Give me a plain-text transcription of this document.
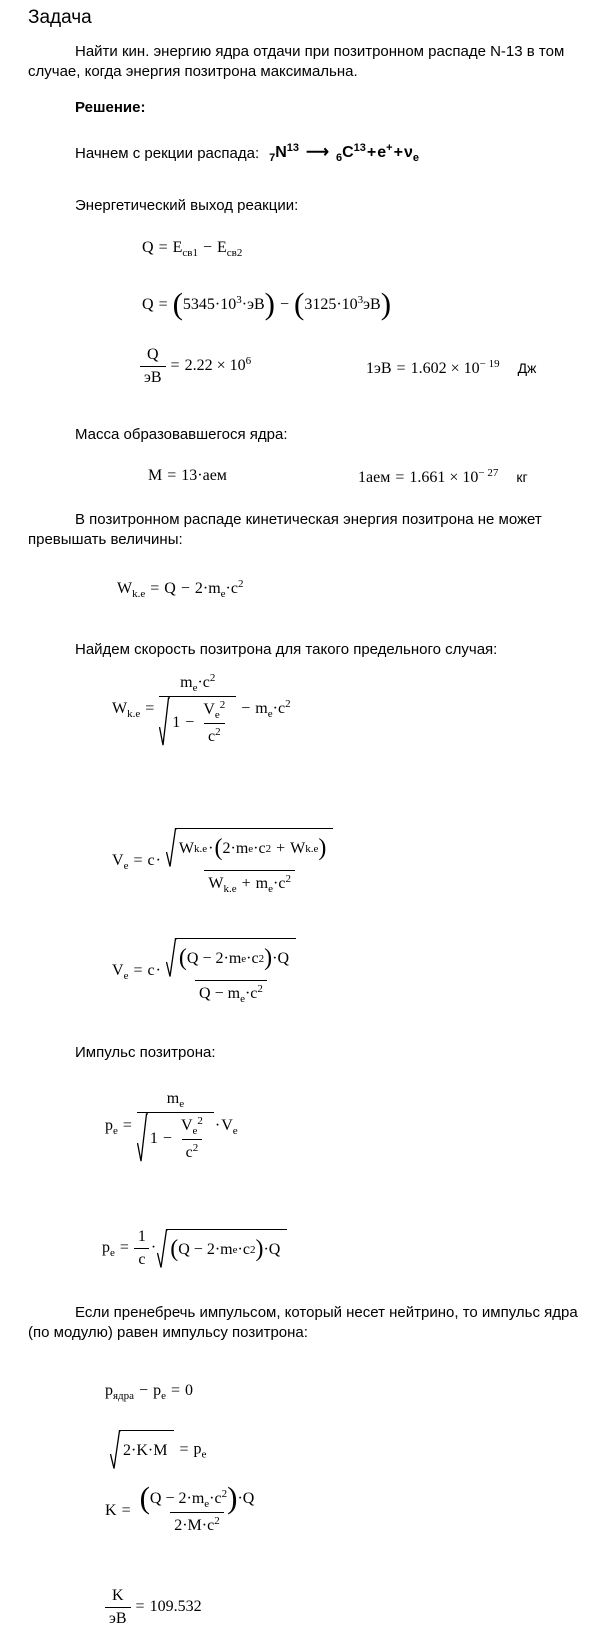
Задача
Найти кин. энергию ядра отдачи при позитронном распаде N-13 в том случае, когда энергия позитрона максимальна.
Решение:
Начнем с рекции распада: $_7N^{13}$ ⟶ $_6C^{13}+e^++\nu_e$
Энергетический выход реакции:
$Q = E_{св1} - E_{св2}$
$Q = (5345\cdot 10^3\cdot эВ) - (3125\cdot 10^3эВ)$
$\frac{Q}{эВ} = 2.22 \times 10^6$	$1эВ = 1.602 \times 10^{- 19}$ Дж
Масса образовавшегося ядра:
M = 13·аем	$1аем = 1.661 \times 10^{- 27}$ кг
В позитронном распаде кинетическая энергия позитрона не может превышать величины:
$W_{k.e} = Q - 2\cdot m_e\cdot c^2$
Найдем скорость позитрона для такого предельного случая:
$W_{k.e} = \frac{m_e\cdot c^2}{1 - \frac{V_e^2}{c^2}} - m_e\cdot c^2$
$V_e = c\cdot \frac{\text{W k.e · ( 2·m e ·c 2 + W k.e )}}{W_{k.e} + m_e\cdot c^2}$
$V_e = c\cdot \frac{\text{( Q − 2·m e ·c 2 ) ·Q}}{Q - m_e\cdot c^2}$
Импульс позитрона:
$p_e = \frac{m_e}{1 - \frac{V_e^2}{c^2}} \cdot V_e$
$p_e = \frac{1}{c}$ · ( Q − 2·m e ·c 2 ) ·Q
Если пренебречь импульсом, который несет нейтрино, то импульс ядра (по модулю) равен импульсу позитрона:
$p_{ядра} - p_e = 0$
$2\cdot K\cdot M = p_e$
$K = \frac{(Q - 2\cdot m_e\cdot c^2)\cdot Q}{2\cdot M\cdot c^2}$
$\frac{K}{эВ} = 109.532$
